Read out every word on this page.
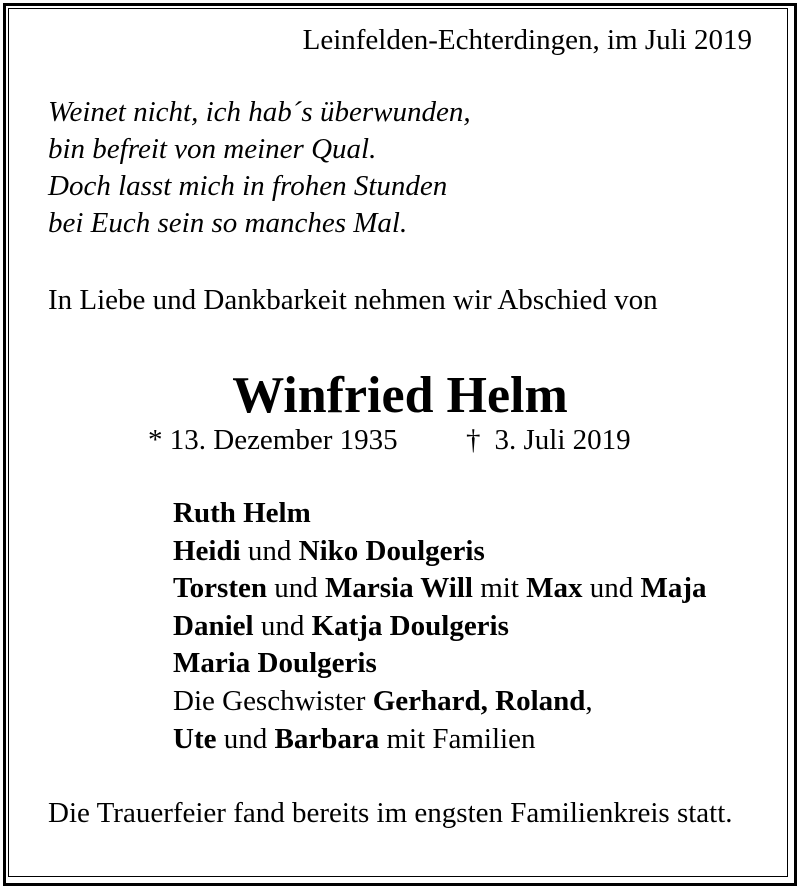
Leinfelden-Echterdingen, im Juli 2019
Weinet nicht, ich hab´s überwunden,
bin befreit von meiner Qual.
Doch lasst mich in frohen Stunden
bei Euch sein so manches Mal.
In Liebe und Dankbarkeit nehmen wir Abschied von
Winfried Helm
* 13. Dezember 1935 † 3. Juli 2019
Ruth Helm
Heidi und Niko Doulgeris
Torsten und Marsia Will mit Max und Maja
Daniel und Katja Doulgeris
Maria Doulgeris
Die Geschwister Gerhard, Roland,
Ute und Barbara mit Familien
Die Trauerfeier fand bereits im engsten Familienkreis statt.
